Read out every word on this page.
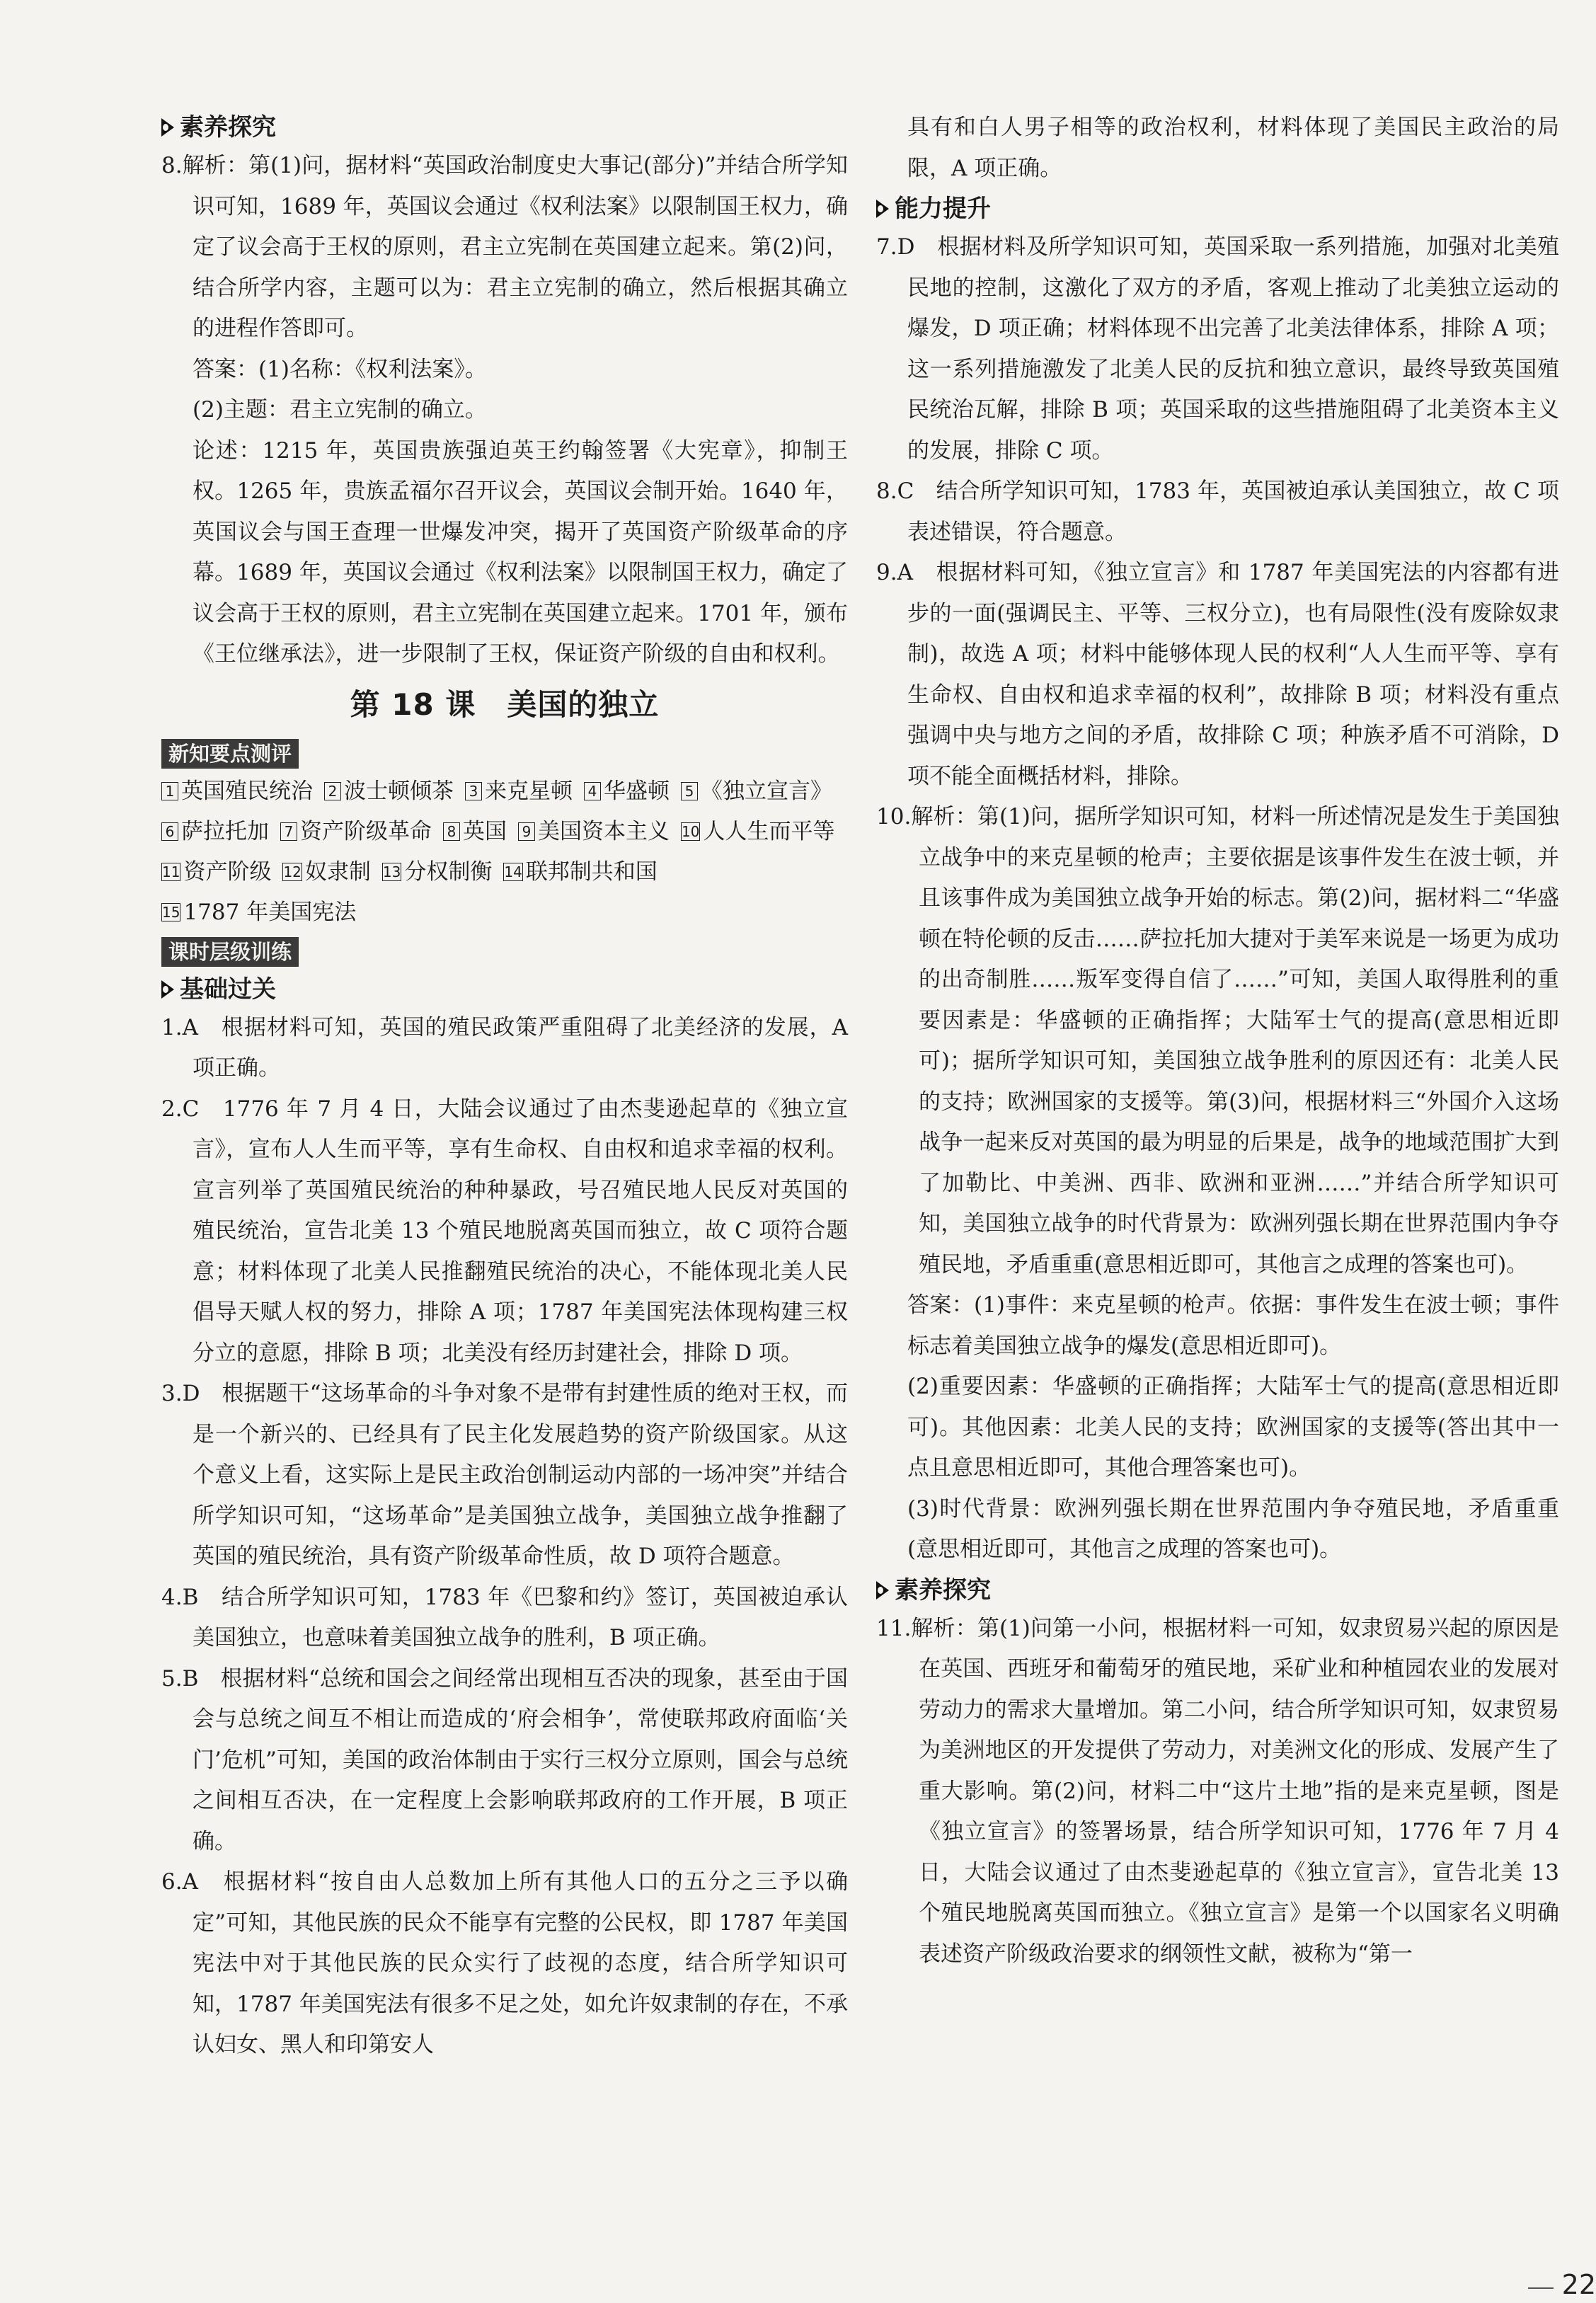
素养探究

8.解析：第(1)问，据材料“英国政治制度史大事记(部分)”并结合所学知识可知，1689 年，英国议会通过《权利法案》以限制国王权力，确定了议会高于王权的原则，君主立宪制在英国建立起来。第(2)问，结合所学内容，主题可以为：君主立宪制的确立，然后根据其确立的进程作答即可。

答案：(1)名称：《权利法案》。

(2)主题：君主立宪制的确立。

论述：1215 年，英国贵族强迫英王约翰签署《大宪章》，抑制王权。1265 年，贵族孟福尔召开议会，英国议会制开始。1640 年，英国议会与国王查理一世爆发冲突，揭开了英国资产阶级革命的序幕。1689 年，英国议会通过《权利法案》以限制国王权力，确定了议会高于王权的原则，君主立宪制在英国建立起来。1701 年，颁布《王位继承法》，进一步限制了王权，保证资产阶级的自由和权利。

第 18 课 美国的独立
新知要点测评
1 英国殖民统治 2 波士顿倾茶 3 来克星顿 4 华盛顿 5 《独立宣言》
6 萨拉托加 7 资产阶级革命 8 英国 9 美国资本主义 10 人人生而平等
11 资产阶级 12 奴隶制 13 分权制衡 14 联邦制共和国
15 1787 年美国宪法
课时层级训练
基础过关

1.A　根据材料可知，英国的殖民政策严重阻碍了北美经济的发展，A 项正确。

2.C　1776 年 7 月 4 日，大陆会议通过了由杰斐逊起草的《独立宣言》，宣布人人生而平等，享有生命权、自由权和追求幸福的权利。宣言列举了英国殖民统治的种种暴政，号召殖民地人民反对英国的殖民统治，宣告北美 13 个殖民地脱离英国而独立，故 C 项符合题意；材料体现了北美人民推翻殖民统治的决心，不能体现北美人民倡导天赋人权的努力，排除 A 项；1787 年美国宪法体现构建三权分立的意愿，排除 B 项；北美没有经历封建社会，排除 D 项。

3.D　根据题干“这场革命的斗争对象不是带有封建性质的绝对王权，而是一个新兴的、已经具有了民主化发展趋势的资产阶级国家。从这个意义上看，这实际上是民主政治创制运动内部的一场冲突”并结合所学知识可知，“这场革命”是美国独立战争，美国独立战争推翻了英国的殖民统治，具有资产阶级革命性质，故 D 项符合题意。

4.B　结合所学知识可知，1783 年《巴黎和约》签订，英国被迫承认美国独立，也意味着美国独立战争的胜利，B 项正确。

5.B　根据材料“总统和国会之间经常出现相互否决的现象，甚至由于国会与总统之间互不相让而造成的‘府会相争’，常使联邦政府面临‘关门’危机”可知，美国的政治体制由于实行三权分立原则，国会与总统之间相互否决，在一定程度上会影响联邦政府的工作开展，B 项正确。

6.A　根据材料“按自由人总数加上所有其他人口的五分之三予以确定”可知，其他民族的民众不能享有完整的公民权，即 1787 年美国宪法中对于其他民族的民众实行了歧视的态度，结合所学知识可知，1787 年美国宪法有很多不足之处，如允许奴隶制的存在，不承认妇女、黑人和印第安人

具有和白人男子相等的政治权利，材料体现了美国民主政治的局限，A 项正确。

能力提升

7.D　根据材料及所学知识可知，英国采取一系列措施，加强对北美殖民地的控制，这激化了双方的矛盾，客观上推动了北美独立运动的爆发，D 项正确；材料体现不出完善了北美法律体系，排除 A 项；这一系列措施激发了北美人民的反抗和独立意识，最终导致英国殖民统治瓦解，排除 B 项；英国采取的这些措施阻碍了北美资本主义的发展，排除 C 项。

8.C　结合所学知识可知，1783 年，英国被迫承认美国独立，故 C 项表述错误，符合题意。

9.A　根据材料可知，《独立宣言》和 1787 年美国宪法的内容都有进步的一面(强调民主、平等、三权分立)，也有局限性(没有废除奴隶制)，故选 A 项；材料中能够体现人民的权利“人人生而平等、享有生命权、自由权和追求幸福的权利”，故排除 B 项；材料没有重点强调中央与地方之间的矛盾，故排除 C 项；种族矛盾不可消除，D 项不能全面概括材料，排除。

10.解析：第(1)问，据所学知识可知，材料一所述情况是发生于美国独立战争中的来克星顿的枪声；主要依据是该事件发生在波士顿，并且该事件成为美国独立战争开始的标志。第(2)问，据材料二“华盛顿在特伦顿的反击……萨拉托加大捷对于美军来说是一场更为成功的出奇制胜……叛军变得自信了……”可知，美国人取得胜利的重要因素是：华盛顿的正确指挥；大陆军士气的提高(意思相近即可)；据所学知识可知，美国独立战争胜利的原因还有：北美人民的支持；欧洲国家的支援等。第(3)问，根据材料三“外国介入这场战争一起来反对英国的最为明显的后果是，战争的地域范围扩大到了加勒比、中美洲、西非、欧洲和亚洲……”并结合所学知识可知，美国独立战争的时代背景为：欧洲列强长期在世界范围内争夺殖民地，矛盾重重(意思相近即可，其他言之成理的答案也可)。

答案：(1)事件：来克星顿的枪声。依据：事件发生在波士顿；事件标志着美国独立战争的爆发(意思相近即可)。

(2)重要因素：华盛顿的正确指挥；大陆军士气的提高(意思相近即可)。其他因素：北美人民的支持；欧洲国家的支援等(答出其中一点且意思相近即可，其他合理答案也可)。

(3)时代背景：欧洲列强长期在世界范围内争夺殖民地，矛盾重重(意思相近即可，其他言之成理的答案也可)。

素养探究

11.解析：第(1)问第一小问，根据材料一可知，奴隶贸易兴起的原因是在英国、西班牙和葡萄牙的殖民地，采矿业和种植园农业的发展对劳动力的需求大量增加。第二小问，结合所学知识可知，奴隶贸易为美洲地区的开发提供了劳动力，对美洲文化的形成、发展产生了重大影响。第(2)问，材料二中“这片土地”指的是来克星顿，图是《独立宣言》的签署场景，结合所学知识可知，1776 年 7 月 4 日，大陆会议通过了由杰斐逊起草的《独立宣言》，宣告北美 13 个殖民地脱离英国而独立。《独立宣言》是第一个以国家名义明确表述资产阶级政治要求的纲领性文献，被称为“第一

22
